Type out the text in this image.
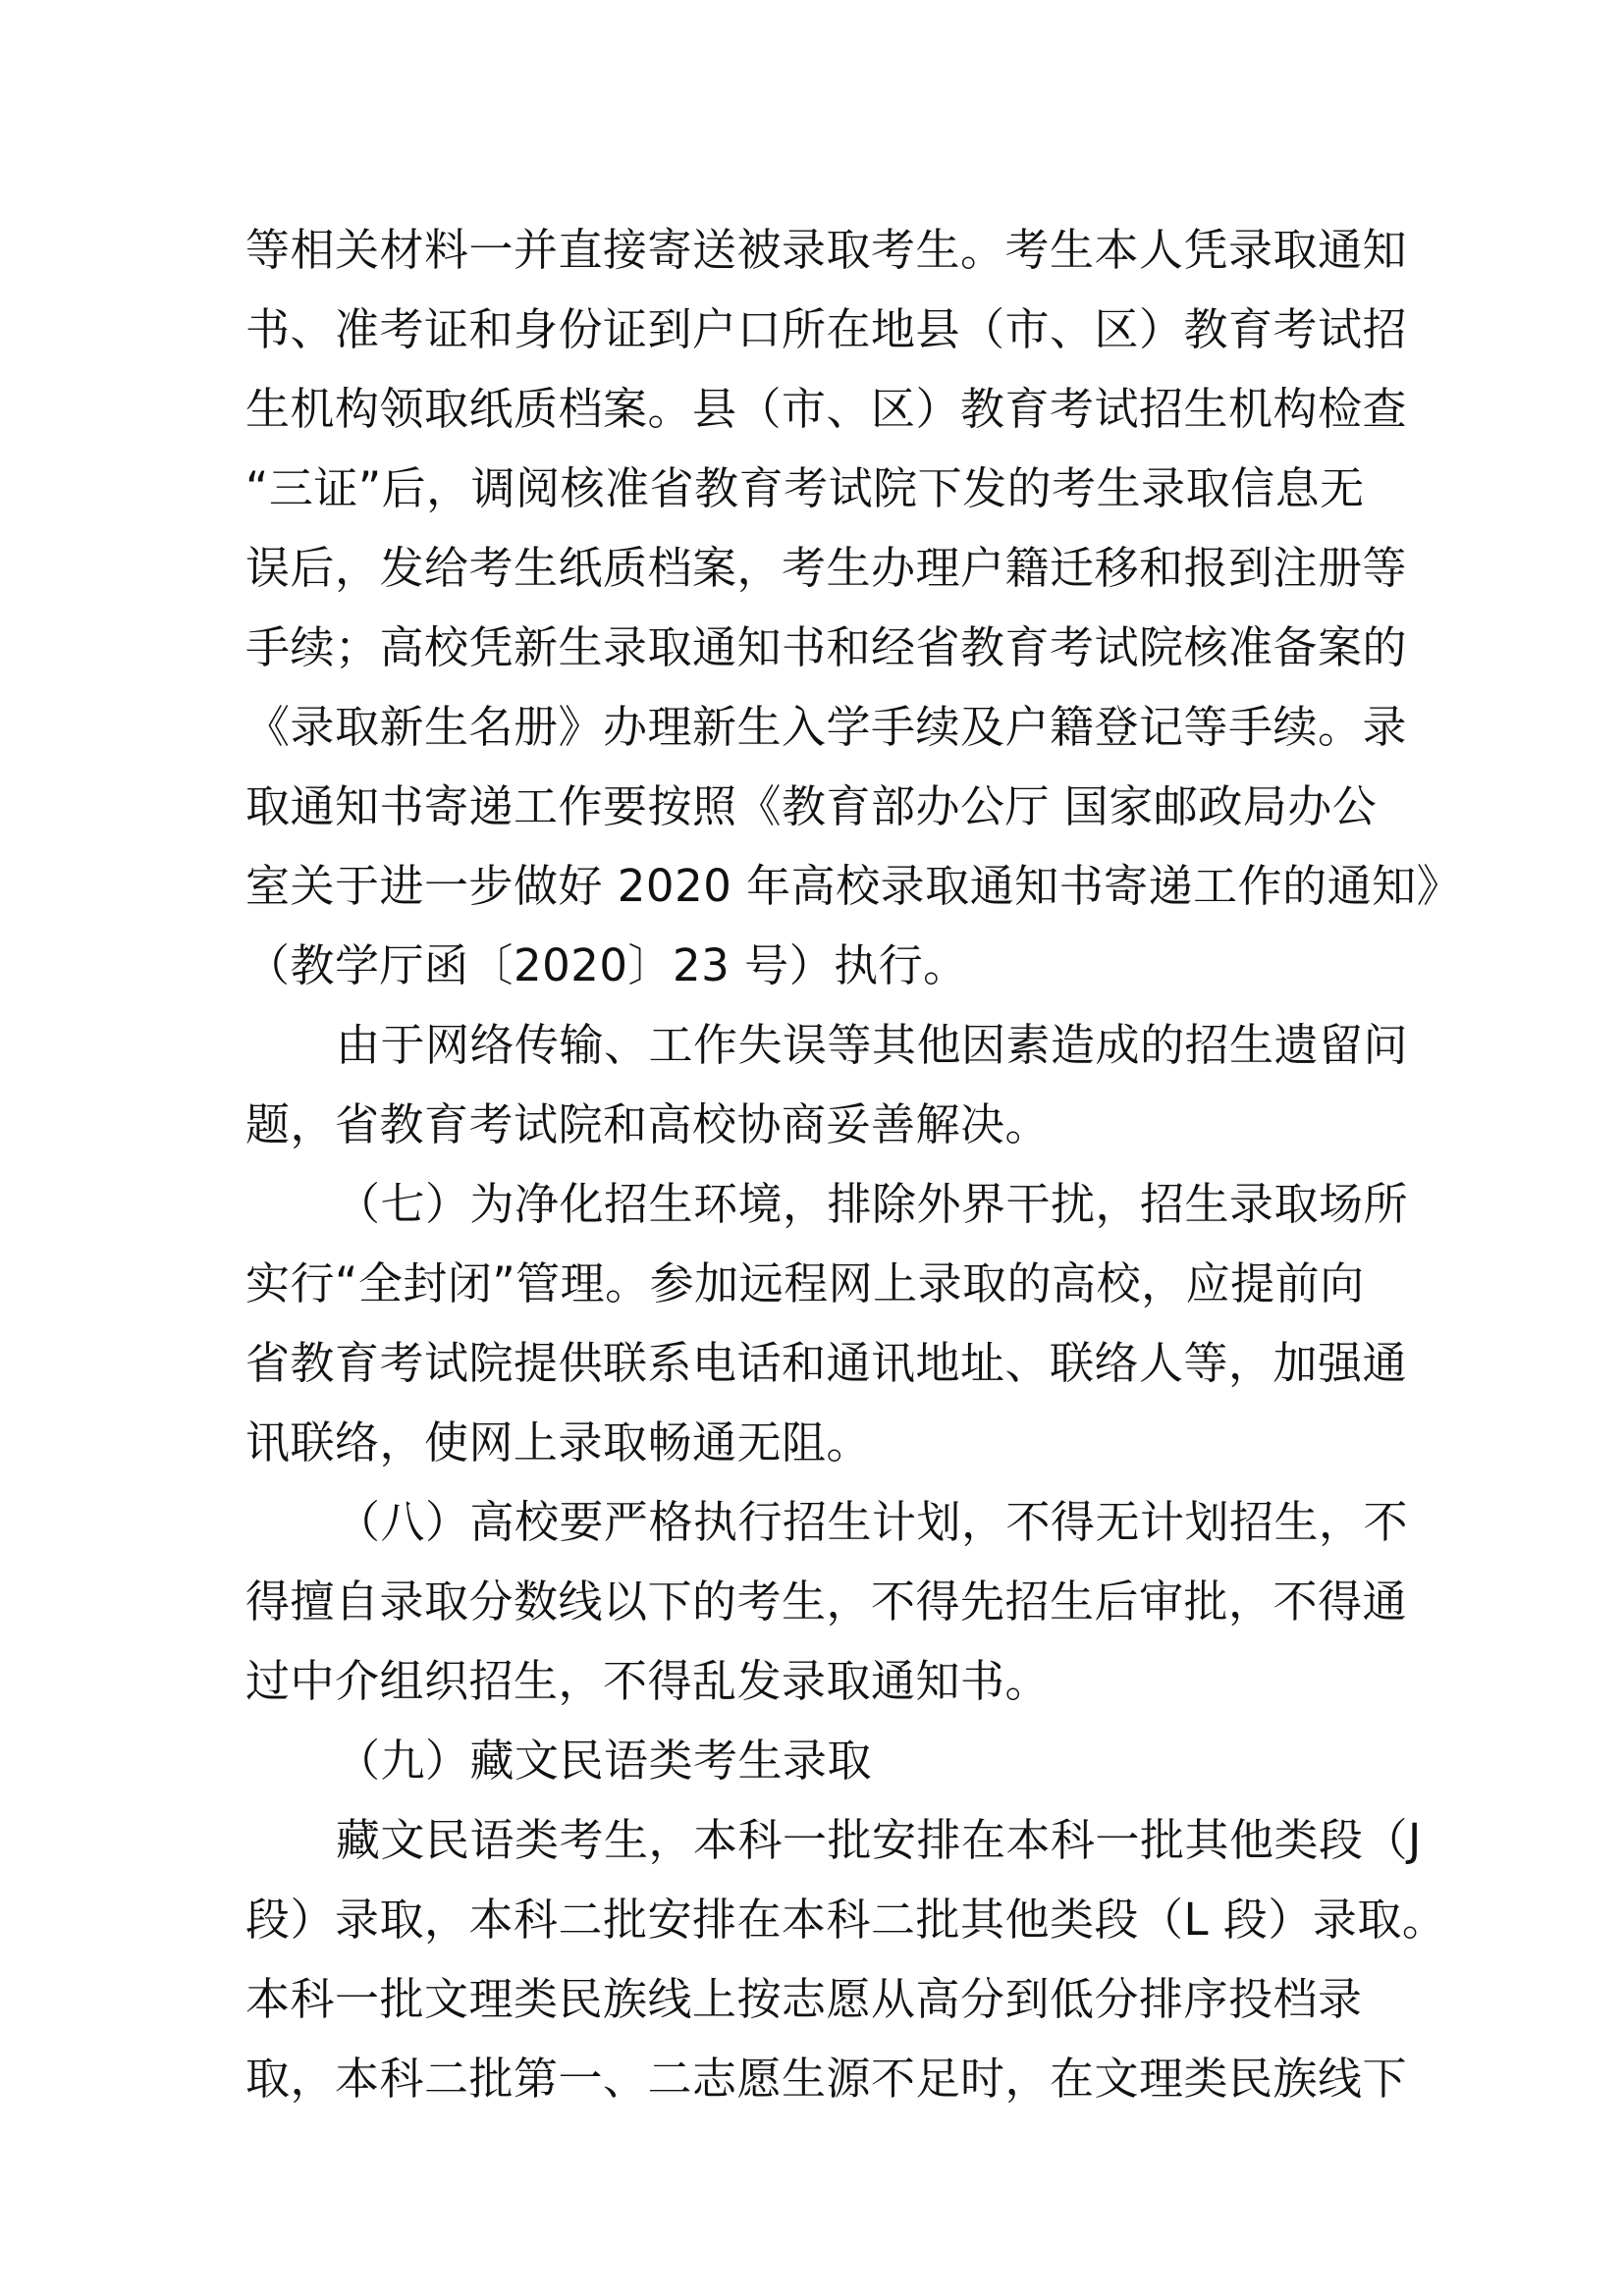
等相关材料一并直接寄送被录取考生。考生本人凭录取通知
书、准考证和身份证到户口所在地县（市、区）教育考试招
生机构领取纸质档案。县（市、区）教育考试招生机构检查
“三证”后，调阅核准省教育考试院下发的考生录取信息无
误后，发给考生纸质档案，考生办理户籍迁移和报到注册等
手续；高校凭新生录取通知书和经省教育考试院核准备案的
《录取新生名册》办理新生入学手续及户籍登记等手续。录
取通知书寄递工作要按照《教育部办公厅 国家邮政局办公
室关于进一步做好 2020 年高校录取通知书寄递工作的通知》
（教学厅函〔2020〕23 号）执行。
由于网络传输、工作失误等其他因素造成的招生遗留问
题，省教育考试院和高校协商妥善解决。
（七）为净化招生环境，排除外界干扰，招生录取场所
实行“全封闭”管理。参加远程网上录取的高校，应提前向
省教育考试院提供联系电话和通讯地址、联络人等，加强通
讯联络，使网上录取畅通无阻。
（八）高校要严格执行招生计划，不得无计划招生，不
得擅自录取分数线以下的考生，不得先招生后审批，不得通
过中介组织招生，不得乱发录取通知书。
（九）藏文民语类考生录取
藏文民语类考生，本科一批安排在本科一批其他类段（J
段）录取，本科二批安排在本科二批其他类段（L 段）录取。
本科一批文理类民族线上按志愿从高分到低分排序投档录
取，本科二批第一、二志愿生源不足时，在文理类民族线下
